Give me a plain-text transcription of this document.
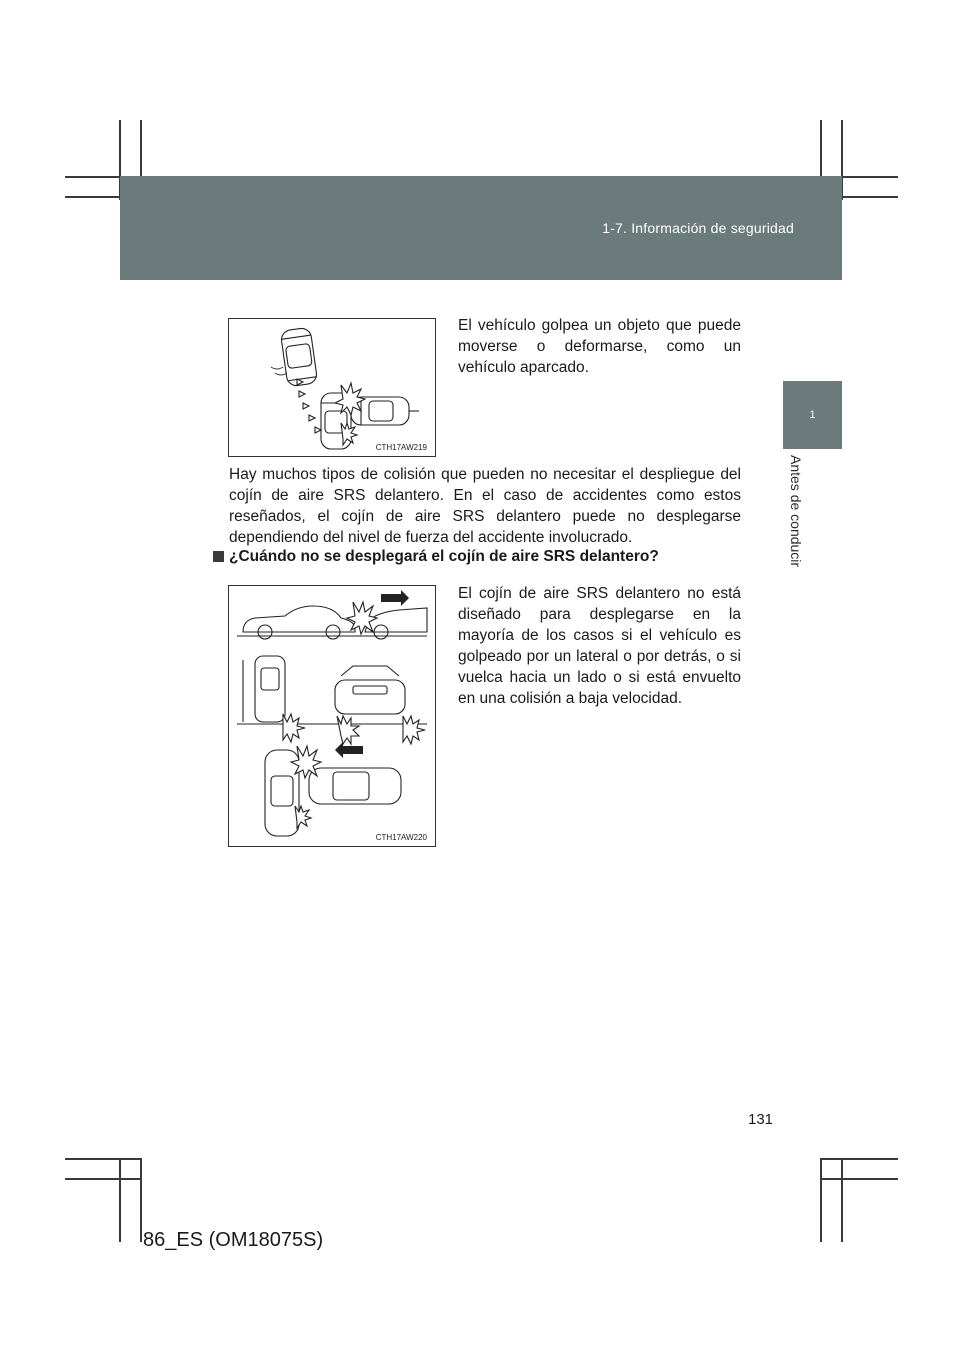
1-7. Información de seguridad
1
Antes de conducir
CTH17AW219
El vehículo golpea un objeto que puede moverse o deformarse, como un vehículo aparcado.
Hay muchos tipos de colisión que pueden no necesitar el despliegue del cojín de aire SRS delantero. En el caso de accidentes como estos reseñados, el cojín de aire SRS delantero puede no desplegarse dependiendo del nivel de fuerza del accidente involucrado.
¿Cuándo no se desplegará el cojín de aire SRS delantero?
CTH17AW220
El cojín de aire SRS delantero no está diseñado para desplegarse en la mayoría de los casos si el vehículo es golpeado por un lateral o por detrás, o si vuelca hacia un lado o si está envuelto en una colisión a baja velocidad.
131
86_ES (OM18075S)
